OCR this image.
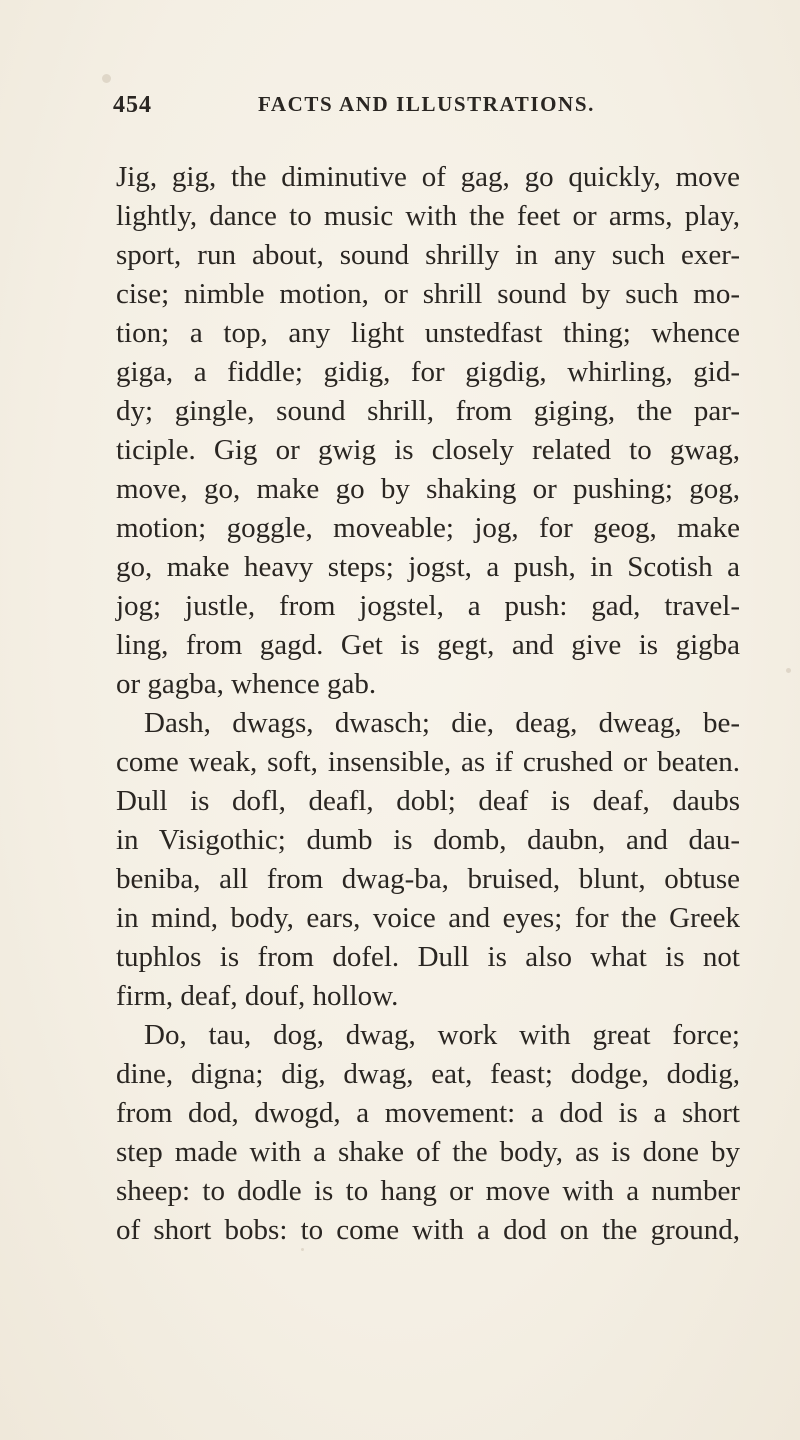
454	FACTS AND ILLUSTRATIONS.
Jig, gig, the diminutive of gag, go quickly, move
lightly, dance to music with the feet or arms, play,
sport, run about, sound shrilly in any such exer-
cise; nimble motion, or shrill sound by such mo-
tion; a top, any light unstedfast thing; whence
giga, a fiddle; gidig, for gigdig, whirling, gid-
dy; gingle, sound shrill, from giging, the par-
ticiple. Gig or gwig is closely related to gwag,
move, go, make go by shaking or pushing; gog,
motion; goggle, moveable; jog, for geog, make
go, make heavy steps; jogst, a push, in Scotish a
jog; justle, from jogstel, a push: gad, travel-
ling, from gagd. Get is gegt, and give is gigba
or gagba, whence gab.
Dash, dwags, dwasch; die, deag, dweag, be-
come weak, soft, insensible, as if crushed or beaten.
Dull is dofl, deafl, dobl; deaf is deaf, daubs
in Visigothic; dumb is domb, daubn, and dau-
beniba, all from dwag-ba, bruised, blunt, obtuse
in mind, body, ears, voice and eyes; for the Greek
tuphlos is from dofel. Dull is also what is not
firm, deaf, douf, hollow.
Do, tau, dog, dwag, work with great force;
dine, digna; dig, dwag, eat, feast; dodge, dodig,
from dod, dwogd, a movement: a dod is a short
step made with a shake of the body, as is done by
sheep: to dodle is to hang or move with a number
of short bobs: to come with a dod on the ground,
